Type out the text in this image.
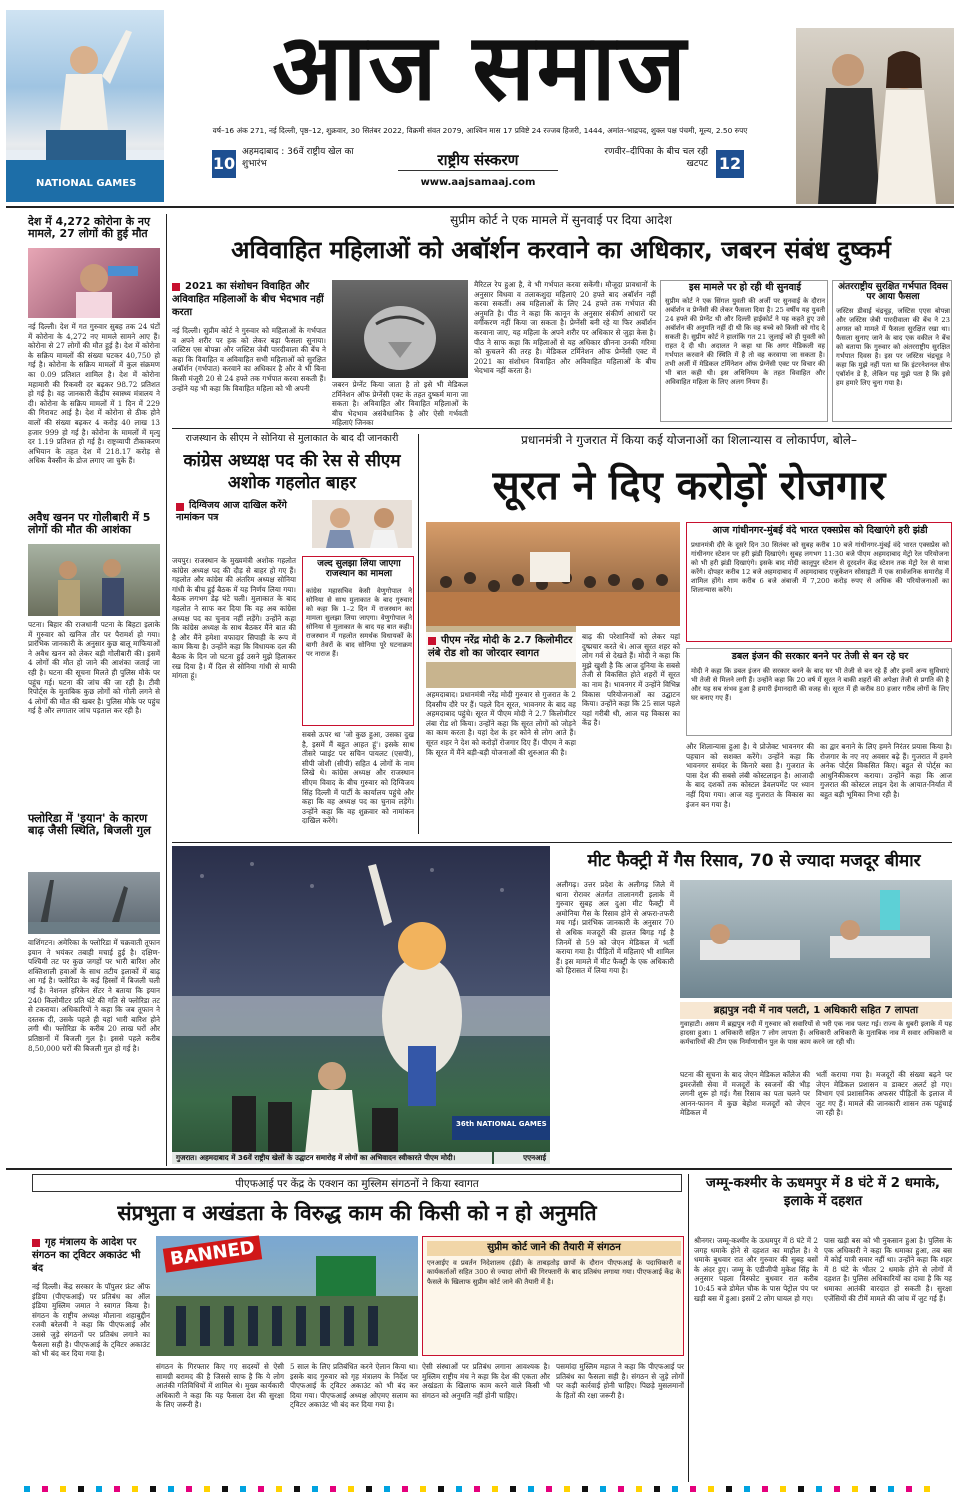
NATIONAL GAMES
आज समाज
वर्ष–16 अंक 271, नई दिल्ली, पृष्ठ–12, शुक्रवार, 30 सितंबर 2022, विक्रमी संवत 2079, आश्विन मास 17 प्रविष्टे 24 रज्जब हिजरी, 1444, अमांत–भाद्रपद, शुक्ल पक्ष पंचमी, मूल्य, 2.50 रुपए
10
अहमदाबाद : 36वें राष्ट्रीय खेल का शुभारंभ	राष्ट्रीय संस्करण
www.aajsamaaj.com
रणवीर–दीपिका के बीच चल रही खटपट 12
देश में 4,272 कोरोना के नए मामले, 27 लोगों की हुई मौत
नई दिल्ली। देश में गत गुरुवार सुबह तक 24 घंटों में कोरोना के 4,272 नए मामले सामने आए हैं। कोरोना से 27 लोगों की मौत हुई है। देश में कोरोना के सक्रिय मामलों की संख्या घटकर 40,750 हो गई है। कोरोना के सक्रिय मामलों में कुल संक्रमण का 0.09 प्रतिशत शामिल है। देश में कोरोना महामारी की रिकवरी दर बढ़कर 98.72 प्रतिशत हो गई है। वह जानकारी केंद्रीय स्वास्थ्य मंत्रालय ने दी। कोरोना के सक्रिय मामलों में 1 दिन में 229 की गिरावट आई है। देश में कोरोना से ठीक होने वालों की संख्या बढ़कर 4 करोड़ 40 लाख 13 हजार 999 हो गई है। कोरोना के मामलों में मृत्यु दर 1.19 प्रतिशत हो गई है। राष्ट्रव्यापी टीकाकरण अभियान के तहत देश में 218.17 करोड़ से अधिक वैक्सीन के डोज लगाए जा चुके हैं।
अवैध खनन पर गोलीबारी में 5 लोगों की मौत की आशंका
पटना। बिहार की राजधानी पटना के बिहटा इलाके में गुरुवार को खनिज तौर पर पैरामर्श हो गया। प्रारंभिक जानकारी के अनुसार कुछ बालू माफियाओं ने अवैध खनन को लेकर बड़ी गोलीबारी की। इसमें 4 लोगों की मौत हो जाने की आशंका जताई जा रही है। घटना की सूचना मिलते ही पुलिस मौके पर पहुंच गई। घटना की जांच की जा रही है। टीवी रिपोर्ट्स के मुताबिक कुछ लोगों को गोली लगने से 4 लोगों की मौत की खबर है। पुलिस मौके पर पहुंच गई है और लगातार जांच पड़ताल कर रही है।
फ्लोरिडा में 'इयान' के कारण बाढ़ जैसी स्थिति, बिजली गुल
वाशिंगटन। अमेरिका के फ्लोरिडा में चक्रवाती तूफान इयान ने भयंकर तबाही मचाई हुई है। दक्षिण-पश्चिमी तट पर कुछ जगहों पर भारी बारिश और शक्तिशाली हवाओं के साथ तटीय इलाकों में बाढ़ आ गई है। फ्लोरिडा के कई हिस्सों में बिजली चली गई है। नेशनल हरिकेन सेंटर ने बताया कि इयान 240 किलोमीटर प्रति घंटे की गति से फ्लोरिडा तट से टकराया। अधिकारियों ने कहा कि जब तूफान ने दस्तक दी, उसके पहले ही यहां भारी बारिश होने लगी थी। फ्लोरिडा के करीब 20 लाख घरों और प्रतिष्ठानों में बिजली गुल है। इससे पहले करीब 8,50,000 घरों की बिजली गुल हो गई है।
सुप्रीम कोर्ट ने एक मामले में सुनवाई पर दिया आदेश
अविवाहित महिलाओं को अबॉर्शन करवाने का अधिकार, जबरन संबंध दुष्कर्म
2021 का संशोधन विवाहित और अविवाहित महिलाओं के बीच भेदभाव नहीं करता
नई दिल्ली। सुप्रीम कोर्ट ने गुरुवार को महिलाओं के गर्भपात व अपने शरीर पर हक को लेकर बड़ा फैसला सुनाया। जस्टिस एस बोपन्ना और जस्टिस जेबी पारदीवाला की बेंच ने कहा कि विवाहित व अविवाहित सभी महिलाओं को सुरक्षित अबॉर्शन (गर्भपात) करवाने का अधिकार है और वे भी बिना किसी मंजूरी 20 से 24 हफ्ते तक गर्भपात करवा सकती हैं। उन्होंने यह भी कहा कि विवाहित महिला को भी अपनी	जबरन प्रेग्नेंट किया जाता है तो इसे भी मेडिकल टर्मिनेशन ऑफ प्रेग्नेंसी एक्ट के तहत दुष्कर्म माना जा सकता है। अविवाहित और विवाहित महिलाओं के बीच भेदभाव असंवैधानिक है और ऐसी गर्भवती महिलाएं जिनका
मैरिटल रेप हुआ है, वे भी गर्भपात करवा सकेंगी। मौजूदा प्रावधानों के अनुसार विधवा व तलाकशुदा महिलाएं 20 हफ्ते बाद अबॉर्शन नहीं करवा सकतीं। अब महिलाओं के लिए 24 हफ्ते तक गर्भपात की अनुमति है। पीठ ने कहा कि कानून के अनुसार संकीर्ण आधारों पर वर्गीकरण नहीं किया जा सकता है। प्रेग्नेंसी बनी रहे या फिर अबॉर्शन करवाना जाए, यह महिला के अपने शरीर पर अधिकार से जुड़ा केस है। पीठ ने साफ कहा कि महिलाओं से यह अधिकार छीनना उनकी गरिमा को कुचलने की तरह है। मेडिकल टर्मिनेशन ऑफ प्रेग्नेंसी एक्ट में 2021 का संशोधन विवाहित और अविवाहित महिलाओं के बीच भेदभाव नहीं करता है।
इस मामले पर हो रही थी सुनवाई
सुप्रीम कोर्ट ने एक सिंगल युवती की अर्जी पर सुनवाई के दौरान अबॉर्शन व प्रेग्नेंसी की लेकर फैसला दिया है। 25 वर्षीय यह युवती 24 हफ्ते की प्रेग्नेंट थी और दिल्ली हाईकोर्ट ने यह कहते हुए उसे अबॉर्शन की अनुमति नहीं दी थी कि वह बच्चे को किसी को गोद दे सकती है। सुप्रीम कोर्ट ने हालांकि गत 21 जुलाई को ही युवती को राहत दे दी थी। अदालत ने कहा था कि अगर मेडिकली वह गर्भपात करवाने की स्थिति में है तो वह करवाया जा सकता है। तभी अर्जी में मेडिकल टर्मिनेशन ऑफ प्रेग्नेंसी एक्ट पर विचार की भी बात कही थी। इस अधिनियम के तहत विवाहित और अविवाहित महिला के लिए अलग नियम हैं।
अंतरराष्ट्रीय सुरक्षित गर्भपात दिवस पर आया फैसला
जस्टिस डीवाई चंद्रचूड़, जस्टिस एएस बोपन्ना और जस्टिस जेबी पारदीवाला की बेंच ने 23 अगस्त को मामले में फैसला सुरक्षित रखा था। फैसला सुनाए जाने के बाद एक वकील ने बेंच को बताया कि गुरुवार को अंतरराष्ट्रीय सुरक्षित गर्भपात दिवस है। इस पर जस्टिस चंद्रचूड़ ने कहा कि मुझे नहीं पता था कि इंटरनेशनल सेफ एबॉर्शन डे है, लेकिन यह मुझे पता है कि इसे हम हमारे लिए चुना गया है।
राजस्थान के सीएम ने सोनिया से मुलाकात के बाद दी जानकारी
कांग्रेस अध्यक्ष पद की रेस से सीएम अशोक गहलोत बाहर
दिग्विजय आज दाखिल करेंगे नामांकन पत्र
जयपुर। राजस्थान के मुख्यमंत्री अशोक गहलोत कांग्रेस अध्यक्ष पद की दौड़ से बाहर हो गए हैं। गहलोत और कांग्रेस की अंतरिम अध्यक्ष सोनिया गांधी के बीच हुई बैठक में यह निर्णय लिया गया। बैठक लगभग डेढ़ घंटे चली। मुलाकात के बाद गहलोत ने साफ कर दिया कि वह अब कांग्रेस अध्यक्ष पद का चुनाव नहीं लड़ेंगे। उन्होंने कहा कि कांग्रेस अध्यक्ष के साथ बैठकर मैंने बात की है और मैंने हमेशा वफादार सिपाही के रूप में काम किया है। उन्होंने कहा कि विधायक दल की बैठक के दिन जो घटना हुई उसने मुझे हिलाकर रख दिया है। मैं दिल से सोनिया गांधी से माफी मांगता हूं।
जल्द सुलझा लिया जाएगा राजस्थान का मामला
कांग्रेस महासचिव केसी वेणुगोपाल ने सोनिया से साथ मुलाकात के बाद गुरुवार को कहा कि 1–2 दिन में राजस्थान का मामला सुलझा लिया जाएगा। वेणुगोपाल ने सोनिया से मुलाकात के बाद यह बात कही। राजस्थान में गहलोत समर्थक विधायकों के बागी तेवरों के बाद सोनिया पूरे घटनाक्रम पर नाराज हैं।
सबसे ऊपर था 'जो कुछ हुआ, उसका दुख है, इसमें मैं बहुत आहत हूं'। इसके साथ तीसरे प्वाइंट पर सचिन पायलट (एसपी), सीपी जोशी (सीपी) सहित 4 लोगों के नाम लिखे थे। कांग्रेस अध्यक्ष और राजस्थान सीएम विवाद के बीच गुरुवार को दिग्विजय सिंह दिल्ली में पार्टी के कार्यालय पहुंचे और कहा कि वह अध्यक्ष पद का चुनाव लड़ेंगे। उन्होंने कहा कि वह शुक्रवार को नामांकन दाखिल करेंगे।
प्रधानमंत्री ने गुजरात में किया कई योजनाओं का शिलान्यास व लोकार्पण, बोले–
सूरत ने दिए करोड़ों रोजगार
पीएम नरेंद्र मोदी के 2.7 किलोमीटर लंबे रोड शो का जोरदार स्वागत
अहमदाबाद। प्रधानमंत्री नरेंद्र मोदी गुरुवार से गुजरात के 2 दिवसीय दौरे पर हैं। पहले दिन सूरत, भावनगर के बाद वह अहमदाबाद पहुंचे। सूरत में पीएम मोदी ने 2.7 किलोमीटर लंबा रोड शो किया। उन्होंने कहा कि सूरत लोगों को जोड़ने का काम करता है। यहां देश के हर कोने से लोग आते हैं। सूरत शहर ने देश को करोड़ों रोजगार दिए हैं। पीएम ने कहा कि सूरत में मैंने बड़ी-बड़ी योजनाओं की शुरुआत की है।
बाढ़ की परेशानियों को लेकर यहां दुष्प्रचार करते थे। आज सूरत शहर को लोग गर्व से देखते हैं। मोदी ने कहा कि मुझे खुशी है कि आज दुनिया के सबसे तेजी से विकसित होते शहरों में सूरत का नाम है। भावनगर में उन्होंने विभिन्न विकास परियोजनाओं का उद्घाटन किया। उन्होंने कहा कि 25 साल पहले यहां गरीबी थी, आज यह विकास का केंद्र है।
आज गांधीनगर-मुंबई वंदे भारत एक्सप्रेस को दिखाएंगे हरी झंडी
प्रधानमंत्री दौरे के दूसरे दिन 30 सितंबर को सुबह करीब 10 बजे गांधीनगर-मुंबई वंदे भारत एक्सप्रेस को गांधीनगर स्टेशन पर हरी झंडी दिखाएंगे। सुबह लगभग 11:30 बजे पीएम अहमदाबाद मेट्रो रेल परियोजना को भी हरी झंडी दिखाएंगे। इसके बाद मोदी कालूपुर स्टेशन से दूरदर्शन केंद्र स्टेशन तक मेट्रो रेल से यात्रा करेंगे। दोपहर करीब 12 बजे अहमदाबाद में अहमदाबाद एजुकेशन सोसाइटी में एक सार्वजनिक समारोह में शामिल होंगे। शाम करीब 6 बजे अंबाजी में 7,200 करोड़ रुपए से अधिक की परियोजनाओं का शिलान्यास करेंगे।
डबल इंजन की सरकार बनने पर तेजी से बन रहे घर
मोदी ने कहा कि डबल इंजन की सरकार बनने के बाद घर भी तेजी से बन रहे हैं और इनमें अन्य सुविधाएं भी तेजी से मिलने लगी हैं। उन्होंने कहा कि 20 वर्ष में सूरत ने बाकी शहरों की अपेक्षा तेजी से प्रगति की है और यह सब संभव हुआ है हमारी ईमानदारी की वजह से। सूरत में ही करीब 80 हजार गरीब लोगों के लिए घर बनाए गए हैं।
और शिलान्यास हुआ है। ये प्रोजेक्ट भावनगर की पहचान को सशक्त करेंगे। उन्होंने कहा कि भावनगर समंदर के किनारे बसा है। गुजरात के पास देश की सबसे लंबी कोस्टलाइन है। आजादी के बाद दशकों तक कोस्टल डेवलपमेंट पर ध्यान नहीं दिया गया। आज यह गुजरात के विकास का इंजन बन गया है।
का द्वार बनाने के लिए हमने निरंतर प्रयास किया है। रोजगार के नए नए अवसर बढ़े हैं। गुजरात में हमने अनेक पोर्ट्स विकसित किए। बहुत से पोर्ट्स का आधुनिकीकरण कराया। उन्होंने कहा कि आज गुजरात की कोस्टल लाइन देश के आयात-निर्यात में बहुत बड़ी भूमिका निभा रही है।
36th NATIONAL GAMES
गुजरात। अहमदाबाद में 36वें राष्ट्रीय खेलों के उद्घाटन समारोह में लोगों का अभिवादन स्वीकारते पीएम मोदी।	एएनआई
मीट फैक्ट्री में गैस रिसाव, 70 से ज्यादा मजदूर बीमार
अलीगढ़। उत्तर प्रदेश के अलीगढ़ जिले में थाना रोरावर अंतर्गत तालानगरी इलाके में गुरुवार सुबह अल दुआ मीट फैक्ट्री में अमोनिया गैस के रिसाव होने से अफरा-तफरी मच गई। प्रारंभिक जानकारी के अनुसार 70 से अधिक मजदूरों की हालत बिगड़ गई है जिनमें से 59 को जेएन मेडिकल में भर्ती कराया गया है। पीड़ितों में महिलाएं भी शामिल हैं। इस मामले में मीट फैक्ट्री के एक अधिकारी को हिरासत में लिया गया है।
ब्रह्मपुत्र नदी में नाव पलटी, 1 अधिकारी सहित 7 लापता
गुवाहाटी। असम में ब्रह्मपुत्र नदी में गुरुवार को सवारियों से भरी एक नाव पलट गई। राज्य के धुबरी इलाके में यह हादसा हुआ। 1 अधिकारी सहित 7 लोग लापता हैं। अधिकारी अधिकारी के मुताबिक नाव में सवार अधिकारी व कर्मचारियों की टीम एक निर्माणाधीन पुल के पास काम करने जा रही थी।
घटना की सूचना के बाद जेएन मेडिकल कॉलेज की इमरजेंसी सेवा में मजदूरों के स्वजनों की भीड़ लगनी शुरू हो गई। गैस रिसाव का पता चलने पर आनन-फानन में कुछ बेहोश मजदूरों को जेएन मेडिकल में
भर्ती कराया गया है। मजदूरों की संख्या बढ़ने पर जेएन मेडिकल प्रशासन व डाक्टर अलर्ट हो गए। विभाग एवं प्रशासनिक अफसर पीड़ितों के इलाज में जुट गए हैं। मामले की जानकारी शासन तक पहुंचाई जा रही है।
पीएफआई पर केंद्र के एक्शन का मुस्लिम संगठनों ने किया स्वागत
संप्रभुता व अखंडता के विरुद्ध काम की किसी को न हो अनुमति
गृह मंत्रालय के आदेश पर संगठन का ट्विटर अकाउंट भी बंद
नई दिल्ली। केंद्र सरकार के पॉपुलर फ्रंट ऑफ इंडिया (पीएफआई) पर प्रतिबंध का ऑल इंडिया मुस्लिम जमात ने स्वागत किया है। संगठन के राष्ट्रीय अध्यक्ष मौलाना शहाबुद्दीन रजवी बरेलवी ने कहा कि पीएफआई और उससे जुड़े संगठनों पर प्रतिबंध लगाने का फैसला सही है। पीएफआई के ट्विटर अकाउंट को भी बंद कर दिया गया है।
BANNED	सुप्रीम कोर्ट जाने की तैयारी में संगठन
एनआईए व प्रवर्तन निदेशालय (ईडी) के ताबड़तोड़ छापों के दौरान पीएफआई के पदाधिकारी व कार्यकर्ताओं सहित 300 से ज्यादा लोगों की गिरफ्तारी के बाद प्रतिबंध लगाया गया। पीएफआई केंद्र के फैसले के खिलाफ सुप्रीम कोर्ट जाने की तैयारी में है।
संगठन के गिरफ्तार किए गए सदस्यों से ऐसी सामग्री बरामद की है जिससे साफ है कि ये लोग आतंकी गतिविधियों में शामिल थे। मुख्य कार्यकारी अधिकारी ने कहा कि यह फैसला देश की सुरक्षा के लिए जरूरी है।
5 साल के लिए प्रतिबंधित करने ऐलान किया था। इसके बाद गुरुवार को गृह मंत्रालय के निर्देश पर पीएफआई के ट्विटर अकाउंट को भी बंद कर दिया गया। पीएफआई अध्यक्ष ओएमए सलाम का ट्विटर अकाउंट भी बंद कर दिया गया है।
ऐसी संस्थाओं पर प्रतिबंध लगाना आवश्यक है। मुस्लिम राष्ट्रीय मंच ने कहा कि देश की एकता और अखंडता के खिलाफ काम करने वाले किसी भी संगठन को अनुमति नहीं होनी चाहिए।
पसमांदा मुस्लिम महाज ने कहा कि पीएफआई पर प्रतिबंध का फैसला सही है। संगठन से जुड़े लोगों पर कड़ी कार्रवाई होनी चाहिए। पिछड़े मुसलमानों के हितों की रक्षा जरूरी है।
जम्मू-कश्मीर के ऊधमपुर में 8 घंटे में 2 धमाके, इलाके में दहशत
श्रीनगर। जम्मू-कश्मीर के ऊधमपुर में 8 घंटे में 2 जगह धमाके होने से दहशत का माहौल है। ये धमाके बुधवार रात और गुरुवार की सुबह बसों के अंदर हुए। जम्मू के एडीजीपी मुकेश सिंह के अनुसार पहला विस्फोट बुधवार रात करीब 10:45 बजे डोमेल चौक के पास पेट्रोल पंप पर खड़ी बस में हुआ। इसमें 2 लोग घायल हो गए।
पास खड़ी बस को भी नुकसान हुआ है। पुलिस के एक अधिकारी ने कहा कि धमाका हुआ, तब बस में कोई यात्री सवार नहीं था। उन्होंने कहा कि शहर में 8 घंटे के भीतर 2 धमाके होने से लोगों में दहशत है। पुलिस अधिकारियों का दावा है कि यह धमाका आतंकी वारदात हो सकती है। सुरक्षा एजेंसियों की टीमें मामले की जांच में जुट गई हैं।
